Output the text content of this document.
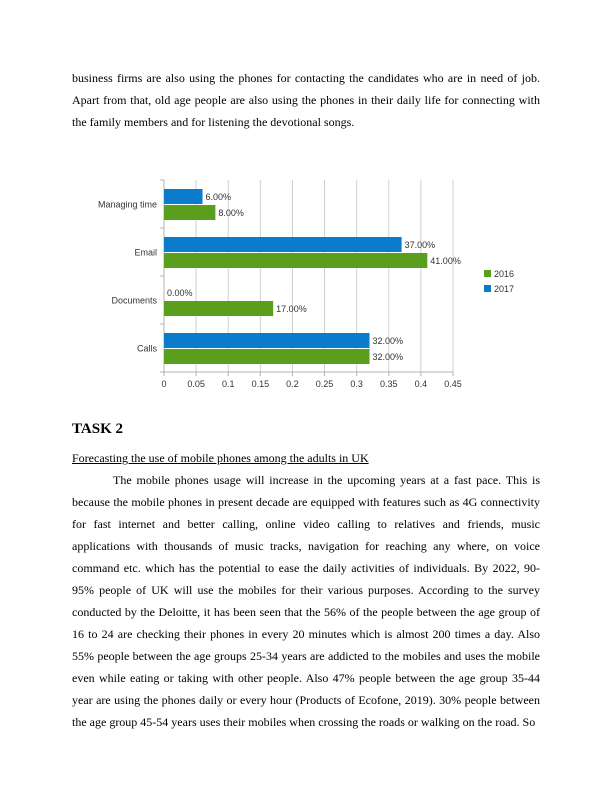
business firms are also using the phones for contacting the candidates who are in need of job. Apart from that, old age people are also using the phones in their daily life for connecting with the family members and for listening the devotional songs.

0 0.05 0.1 0.15 0.2 0.25 0.3 0.35 0.4 0.45
Managing time
6.00%
8.00%
Email
37.00%
41.00%
Documents
0.00%
17.00%
Calls
32.00%
32.00%
2016
2017
TASK 2

Forecasting the use of mobile phones among the adults in UK

The mobile phones usage will increase in the upcoming years at a fast pace. This is because the mobile phones in present decade are equipped with features such as 4G connectivity for fast internet and better calling, online video calling to relatives and friends, music applications with thousands of music tracks, navigation for reaching any where, on voice command etc. which has the potential to ease the daily activities of individuals. By 2022, 90-95% people of UK will use the mobiles for their various purposes. According to the survey conducted by the Deloitte, it has been seen that the 56% of the people between the age group of 16 to 24 are checking their phones in every 20 minutes which is almost 200 times a day. Also 55% people between the age groups 25-34 years are addicted to the mobiles and uses the mobile even while eating or taking with other people. Also 47% people between the age group 35-44 year are using the phones daily or every hour (Products of Ecofone, 2019). 30% people between the age group 45-54 years uses their mobiles when crossing the roads or walking on the road. So
